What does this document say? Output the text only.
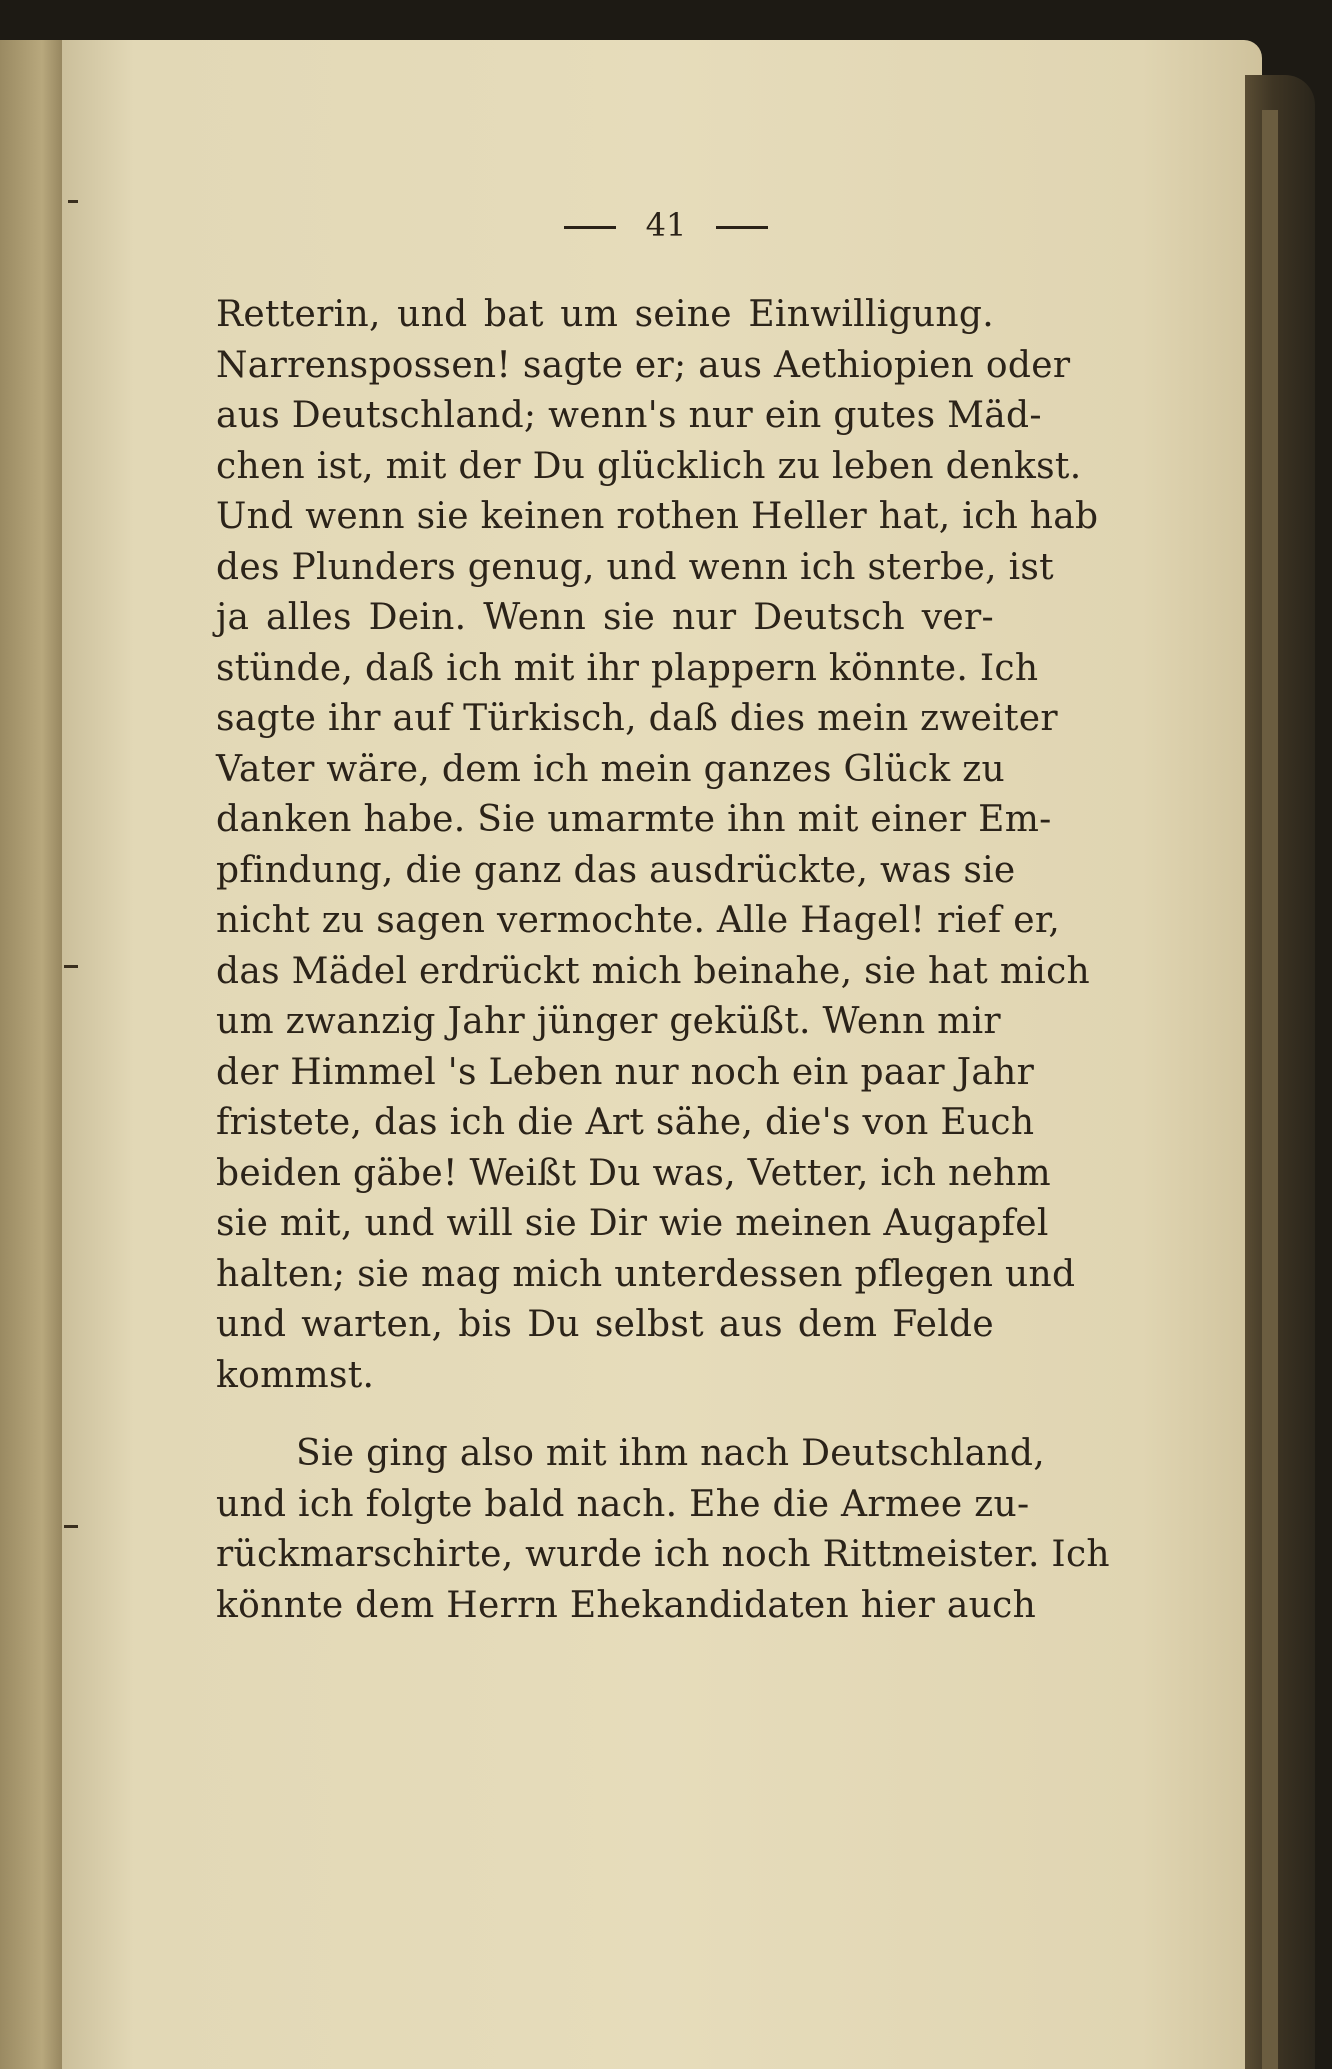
41
Retterin, und bat um seine Einwilligung.
Narrenspossen! sagte er; aus Aethiopien oder
aus Deutschland; wenn's nur ein gutes Mäd-
chen ist, mit der Du glücklich zu leben denkst.
Und wenn sie keinen rothen Heller hat, ich hab
des Plunders genug, und wenn ich sterbe, ist
ja alles Dein. Wenn sie nur Deutsch ver-
stünde, daß ich mit ihr plappern könnte. Ich
sagte ihr auf Türkisch, daß dies mein zweiter
Vater wäre, dem ich mein ganzes Glück zu
danken habe. Sie umarmte ihn mit einer Em-
pfindung, die ganz das ausdrückte, was sie
nicht zu sagen vermochte. Alle Hagel! rief er,
das Mädel erdrückt mich beinahe, sie hat mich
um zwanzig Jahr jünger geküßt. Wenn mir
der Himmel 's Leben nur noch ein paar Jahr
fristete, das ich die Art sähe, die's von Euch
beiden gäbe! Weißt Du was, Vetter, ich nehm
sie mit, und will sie Dir wie meinen Augapfel
halten; sie mag mich unterdessen pflegen und
und warten, bis Du selbst aus dem Felde
kommst.
Sie ging also mit ihm nach Deutschland,
und ich folgte bald nach. Ehe die Armee zu-
rückmarschirte, wurde ich noch Rittmeister. Ich
könnte dem Herrn Ehekandidaten hier auch
